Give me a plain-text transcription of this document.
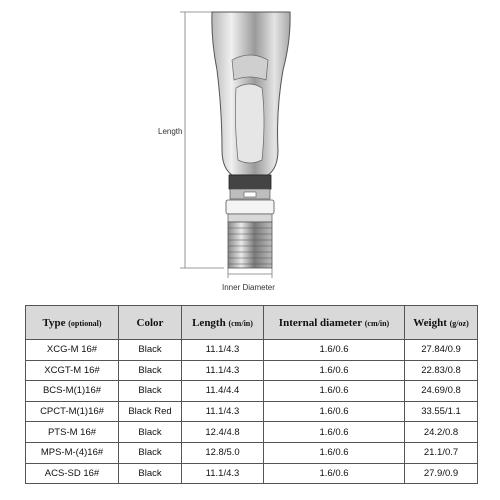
Length
Inner Diameter
Type (optional)	Color	Length (cm/in)	Internal diameter (cm/in)	Weight (g/oz)
XCG-M 16#	Black	11.1/4.3	1.6/0.6	27.84/0.9
XCGT-M 16#	Black	11.1/4.3	1.6/0.6	22.83/0.8
BCS-M(1)16#	Black	11.4/4.4	1.6/0.6	24.69/0.8
CPCT-M(1)16#	Black Red	11.1/4.3	1.6/0.6	33.55/1.1
PTS-M 16#	Black	12.4/4.8	1.6/0.6	24.2/0.8
MPS-M-(4)16#	Black	12.8/5.0	1.6/0.6	21.1/0.7
ACS-SD 16#	Black	11.1/4.3	1.6/0.6	27.9/0.9
